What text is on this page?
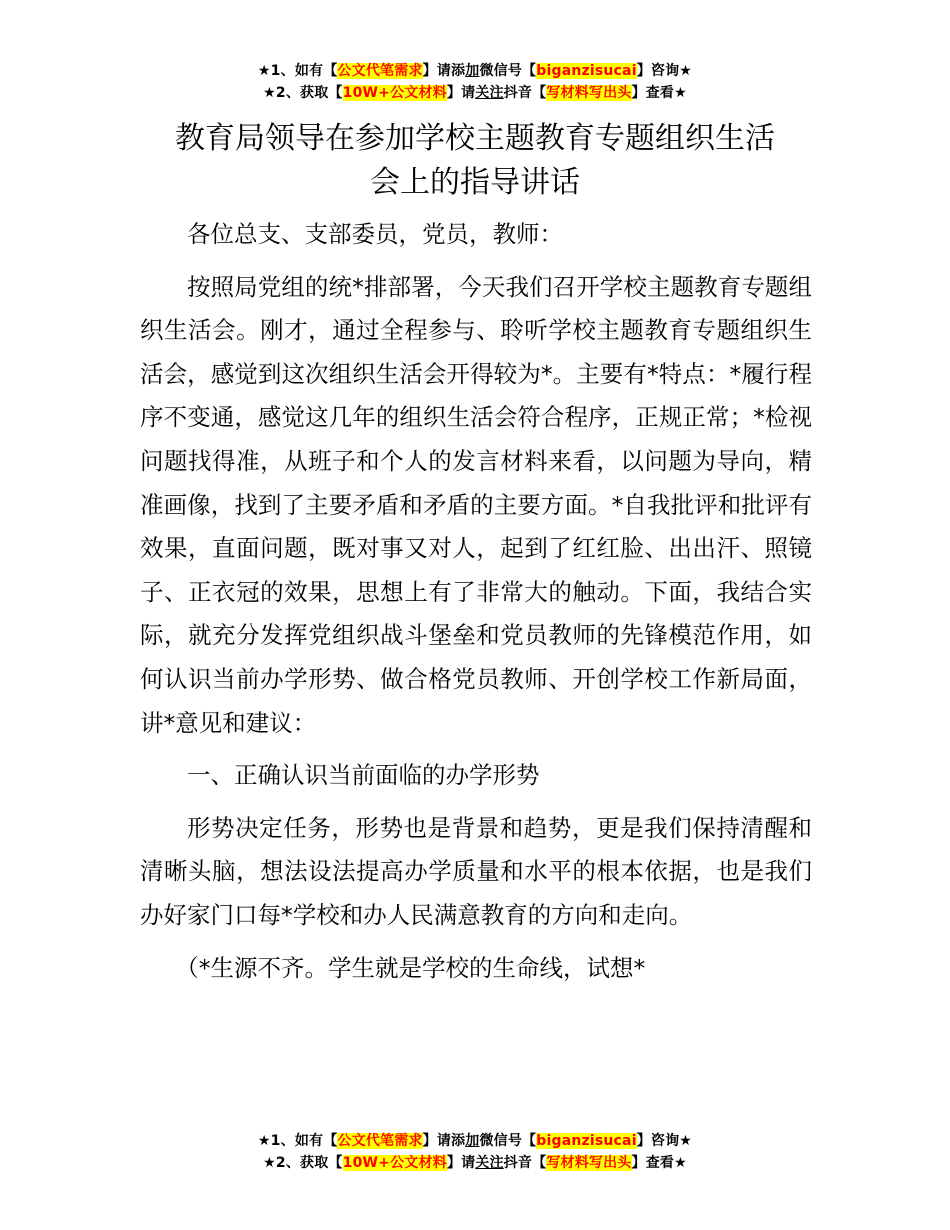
★1、如有【公文代笔需求】请添加微信号【biganzisucai】咨询★
★2、获取【10W+公文材料】请关注抖音【写材料写出头】查看★
教育局领导在参加学校主题教育专题组织生活
会上的指导讲话

各位总支、支部委员，党员，教师：

按照局党组的统*排部署，今天我们召开学校主题教育专题组织生活会。刚才，通过全程参与、聆听学校主题教育专题组织生活会，感觉到这次组织生活会开得较为*。主要有*特点：*履行程序不变通，感觉这几年的组织生活会符合程序，正规正常；*检视问题找得准，从班子和个人的发言材料来看，以问题为导向，精准画像，找到了主要矛盾和矛盾的主要方面。*自我批评和批评有效果，直面问题，既对事又对人，起到了红红脸、出出汗、照镜子、正衣冠的效果，思想上有了非常大的触动。下面，我结合实际，就充分发挥党组织战斗堡垒和党员教师的先锋模范作用，如何认识当前办学形势、做合格党员教师、开创学校工作新局面，讲*意见和建议：

一、正确认识当前面临的办学形势

形势决定任务，形势也是背景和趋势，更是我们保持清醒和清晰头脑，想法设法提高办学质量和水平的根本依据，也是我们办好家门口每*学校和办人民满意教育的方向和走向。

（*生源不齐。学生就是学校的生命线，试想*

★1、如有【公文代笔需求】请添加微信号【biganzisucai】咨询★
★2、获取【10W+公文材料】请关注抖音【写材料写出头】查看★
